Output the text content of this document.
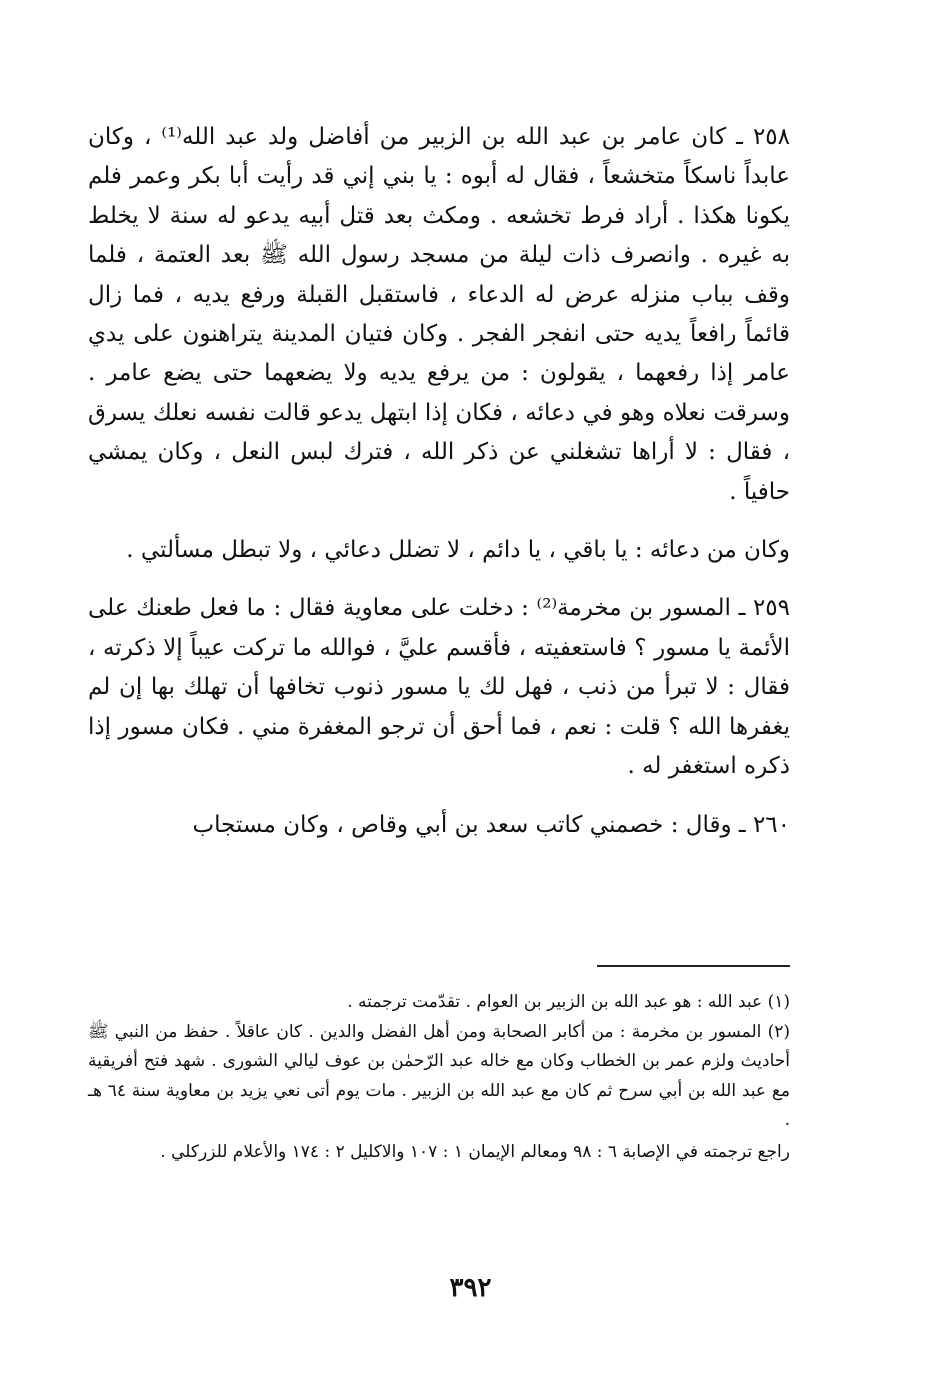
٢٥٨ ـ كان عامر بن عبد الله بن الزبير من أفاضل ولد عبد الله⁽¹⁾ ، وكان عابداً ناسكاً متخشعاً ، فقال له أبوه : يا بني إني قد رأيت أبا بكر وعمر فلم يكونا هكذا . أراد فرط تخشعه . ومكث بعد قتل أبيه يدعو له سنة لا يخلط به غيره . وانصرف ذات ليلة من مسجد رسول الله ﷺ بعد العتمة ، فلما وقف بباب منزله عرض له الدعاء ، فاستقبل القبلة ورفع يديه ، فما زال قائماً رافعاً يديه حتى انفجر الفجر . وكان فتيان المدينة يتراهنون على يدي عامر إذا رفعهما ، يقولون : من يرفع يديه ولا يضعهما حتى يضع عامر . وسرقت نعلاه وهو في دعائه ، فكان إذا ابتهل يدعو قالت نفسه نعلك يسرق ، فقال : لا أراها تشغلني عن ذكر الله ، فترك لبس النعل ، وكان يمشي حافياً .

وكان من دعائه : يا باقي ، يا دائم ، لا تضلل دعائي ، ولا تبطل مسألتي .

٢٥٩ ـ المسور بن مخرمة⁽²⁾ : دخلت على معاوية فقال : ما فعل طعنك على الأئمة يا مسور ؟ فاستعفيته ، فأقسم عليَّ ، فوالله ما تركت عيباً إلا ذكرته ، فقال : لا تبرأ من ذنب ، فهل لك يا مسور ذنوب تخافها أن تهلك بها إن لم يغفرها الله ؟ قلت : نعم ، فما أحق أن ترجو المغفرة مني . فكان مسور إذا ذكره استغفر له .

٢٦٠ ـ وقال : خصمني كاتب سعد بن أبي وقاص ، وكان مستجاب

(١) عبد الله : هو عبد الله بن الزبير بن العوام . تقدّمت ترجمته .

(٢) المسور بن مخرمة : من أكابر الصحابة ومن أهل الفضل والدين . كان عاقلاً . حفظ من النبي ﷺ أحاديث ولزم عمر بن الخطاب وكان مع خاله عبد الرّحمٰن بن عوف ليالي الشورى . شهد فتح أفريقية مع عبد الله بن أبي سرح ثم كان مع عبد الله بن الزبير . مات يوم أتى نعي يزيد بن معاوية سنة ٦٤ هـ .

راجع ترجمته في الإصابة ٦ : ٩٨ ومعالم الإيمان ١ : ١٠٧ والاكليل ٢ : ١٧٤ والأعلام للزركلي .

٣٩٢
